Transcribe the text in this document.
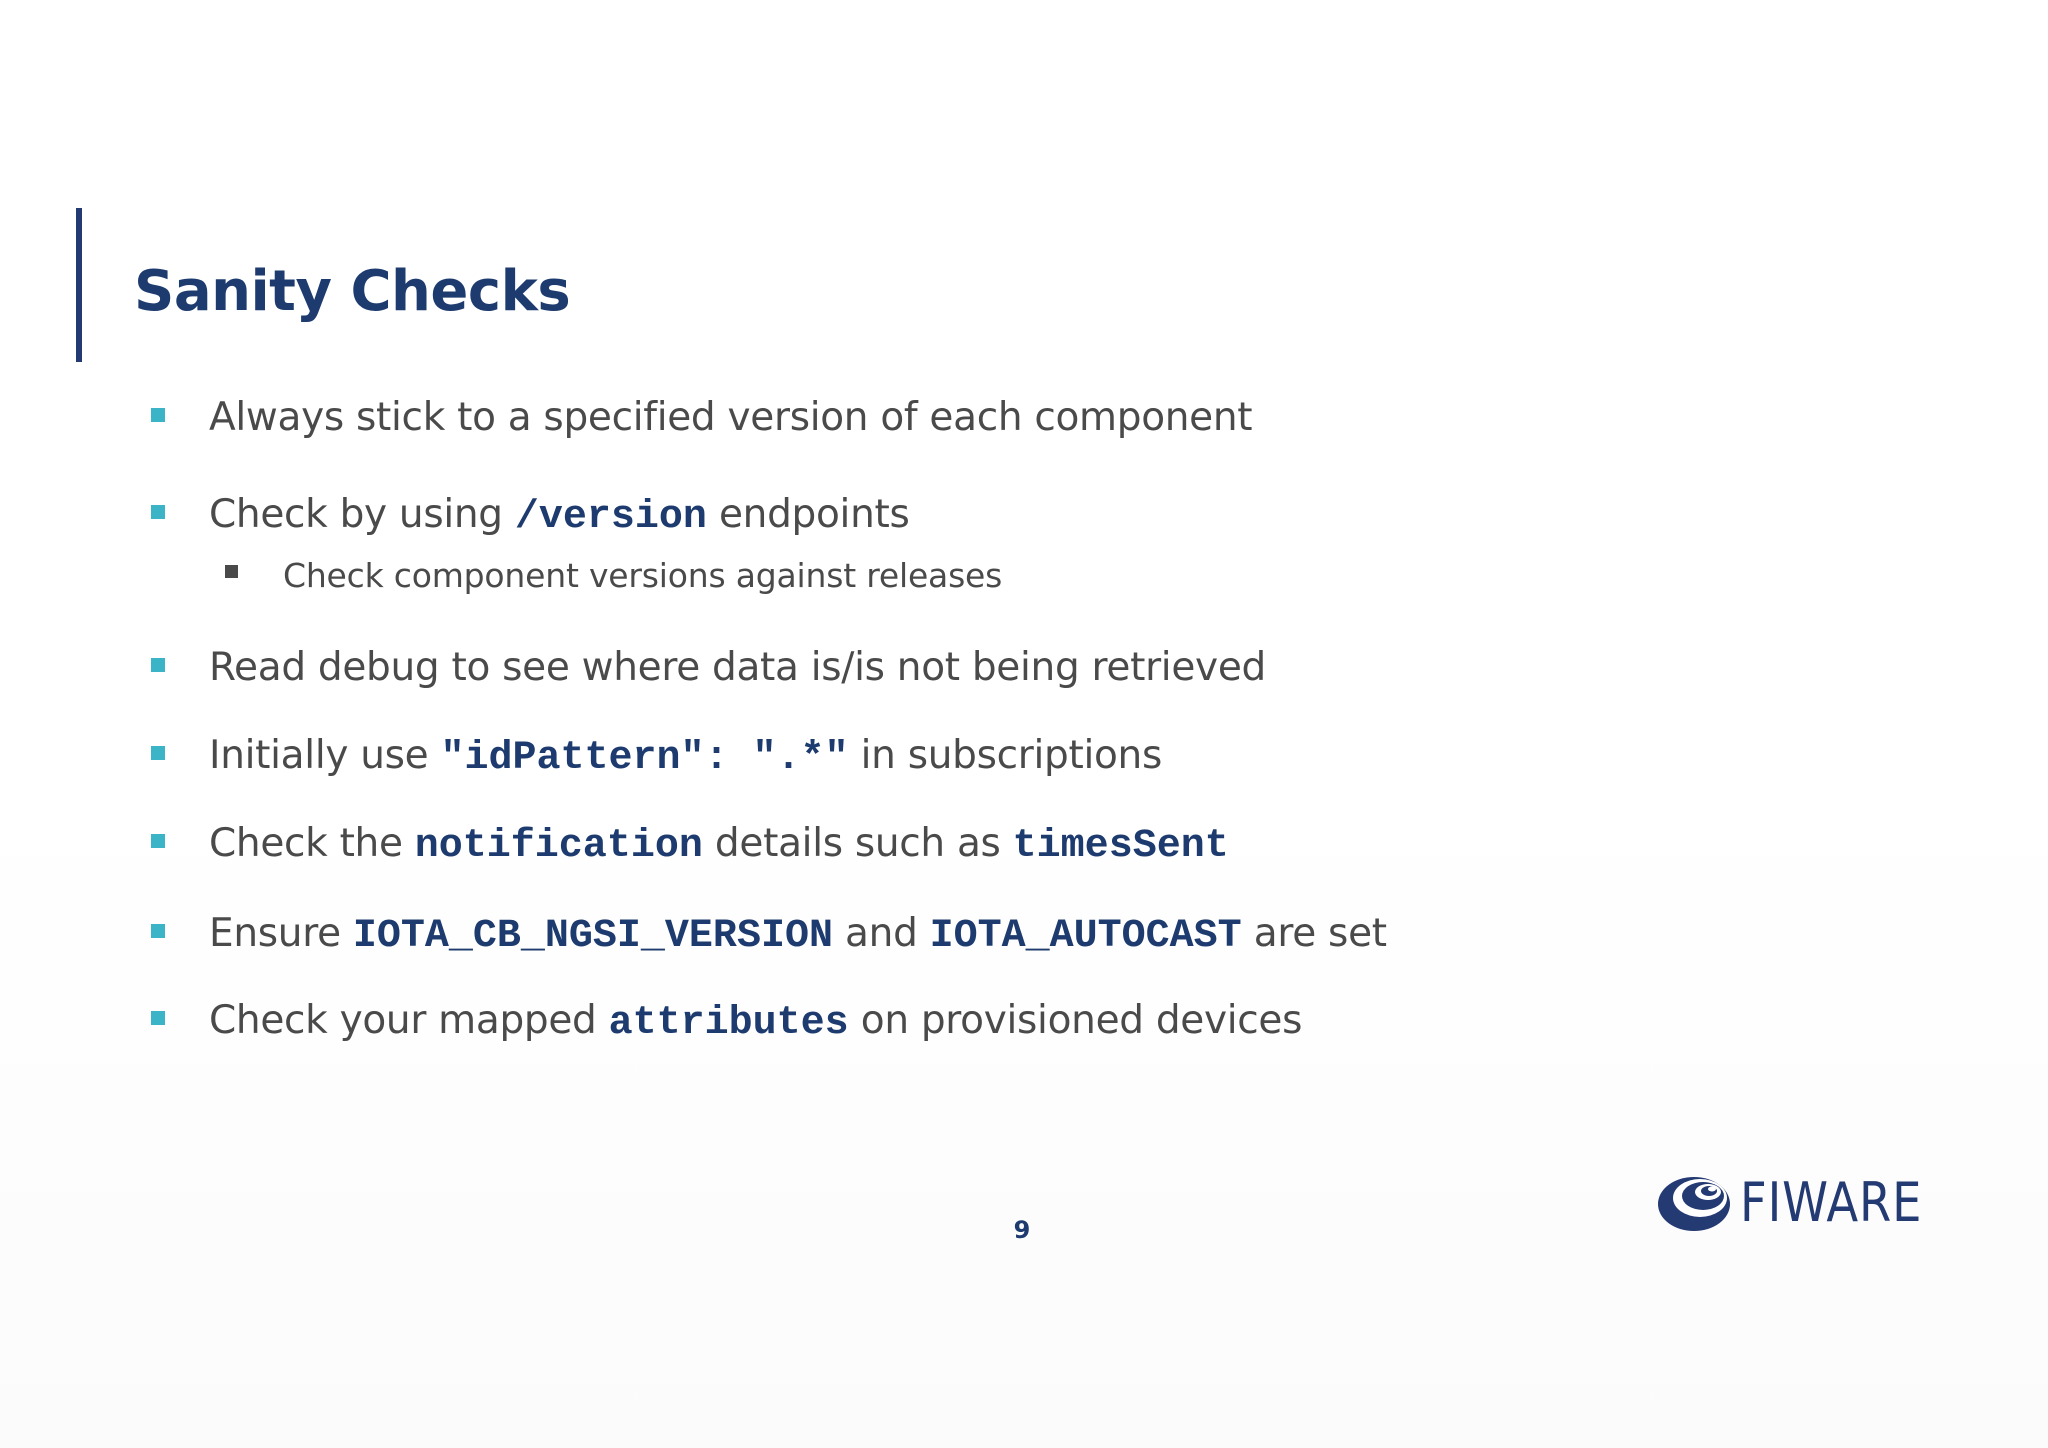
Sanity Checks
Always stick to a specified version of each component
Check by using /version endpoints
Check component versions against releases
Read debug to see where data is/is not being retrieved
Initially use "idPattern": ".*" in subscriptions
Check the notification details such as timesSent
Ensure IOTA_CB_NGSI_VERSION and IOTA_AUTOCAST are set
Check your mapped attributes on provisioned devices
9	FIWARE
